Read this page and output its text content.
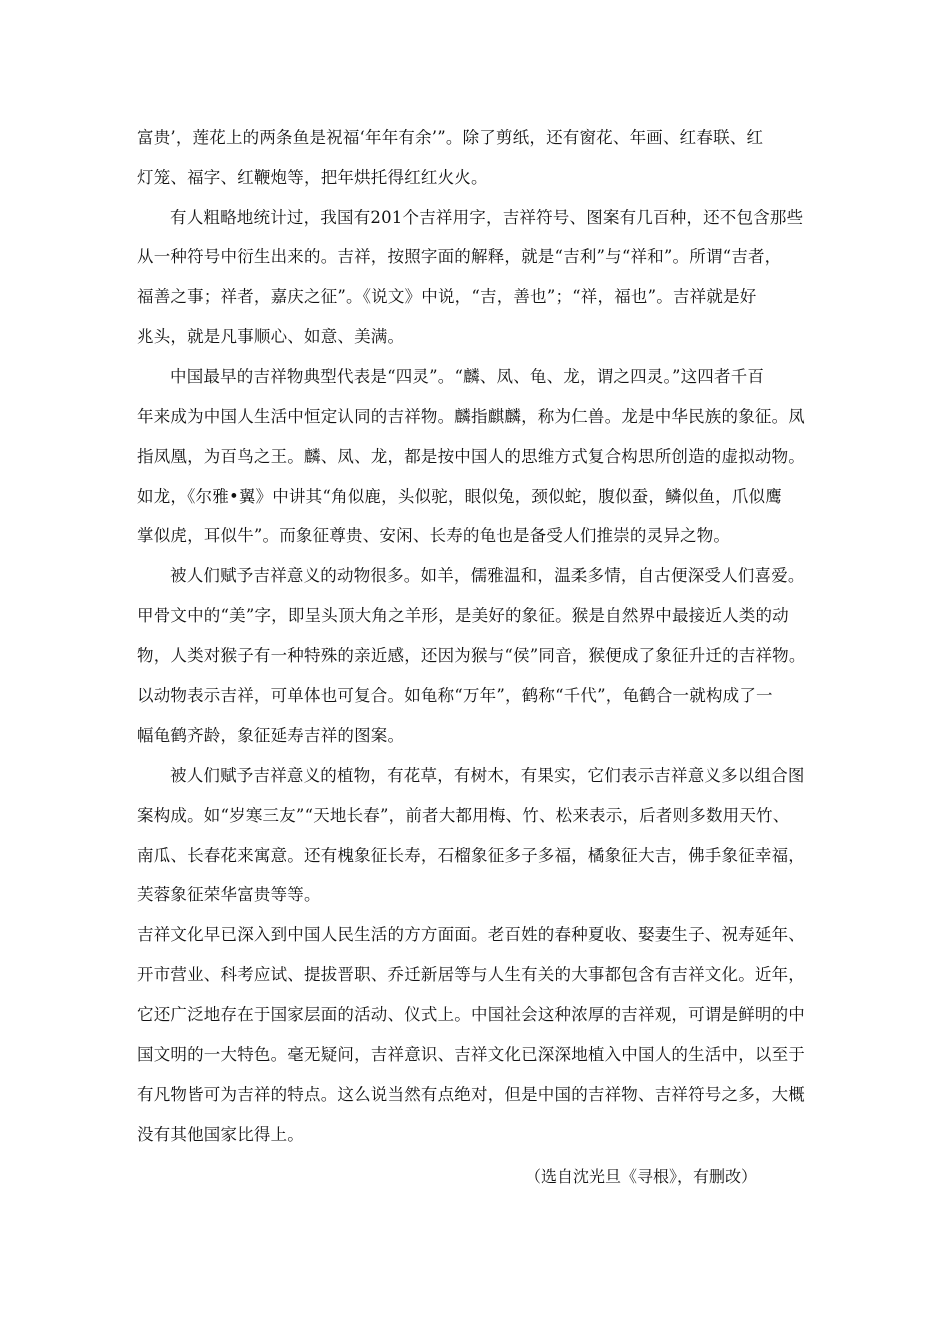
富贵’，莲花上的两条鱼是祝福‘年年有余’”。除了剪纸，还有窗花、年画、红春联、红
灯笼、福字、红鞭炮等，把年烘托得红红火火。
有人粗略地统计过，我国有201个吉祥用字，吉祥符号、图案有几百种，还不包含那些
从一种符号中衍生出来的。吉祥，按照字面的解释，就是“吉利”与“祥和”。所谓“吉者，
福善之事；祥者，嘉庆之征”。《说文》中说，“吉，善也”；“祥，福也”。吉祥就是好
兆头，就是凡事顺心、如意、美满。
中国最早的吉祥物典型代表是“四灵”。“麟、凤、龟、龙，谓之四灵。”这四者千百
年来成为中国人生活中恒定认同的吉祥物。麟指麒麟，称为仁兽。龙是中华民族的象征。凤
指凤凰，为百鸟之王。麟、凤、龙，都是按中国人的思维方式复合构思所创造的虚拟动物。
如龙，《尔雅•翼》中讲其“角似鹿，头似驼，眼似兔，颈似蛇，腹似蚕，鳞似鱼，爪似鹰
掌似虎，耳似牛”。而象征尊贵、安闲、长寿的龟也是备受人们推崇的灵异之物。
被人们赋予吉祥意义的动物很多。如羊，儒雅温和，温柔多情，自古便深受人们喜爱。
甲骨文中的“美”字，即呈头顶大角之羊形，是美好的象征。猴是自然界中最接近人类的动
物，人类对猴子有一种特殊的亲近感，还因为猴与“侯”同音，猴便成了象征升迁的吉祥物。
以动物表示吉祥，可单体也可复合。如龟称“万年”，鹤称“千代”，龟鹤合一就构成了一
幅龟鹤齐龄，象征延寿吉祥的图案。
被人们赋予吉祥意义的植物，有花草，有树木，有果实，它们表示吉祥意义多以组合图
案构成。如“岁寒三友”“天地长春”，前者大都用梅、竹、松来表示，后者则多数用天竹、
南瓜、长春花来寓意。还有槐象征长寿，石榴象征多子多福，橘象征大吉，佛手象征幸福，
芙蓉象征荣华富贵等等。
吉祥文化早已深入到中国人民生活的方方面面。老百姓的春种夏收、娶妻生子、祝寿延年、
开市营业、科考应试、提拔晋职、乔迁新居等与人生有关的大事都包含有吉祥文化。近年，
它还广泛地存在于国家层面的活动、仪式上。中国社会这种浓厚的吉祥观，可谓是鲜明的中
国文明的一大特色。毫无疑问，吉祥意识、吉祥文化已深深地植入中国人的生活中，以至于
有凡物皆可为吉祥的特点。这么说当然有点绝对，但是中国的吉祥物、吉祥符号之多，大概
没有其他国家比得上。
（选自沈光旦《寻根》，有删改）
